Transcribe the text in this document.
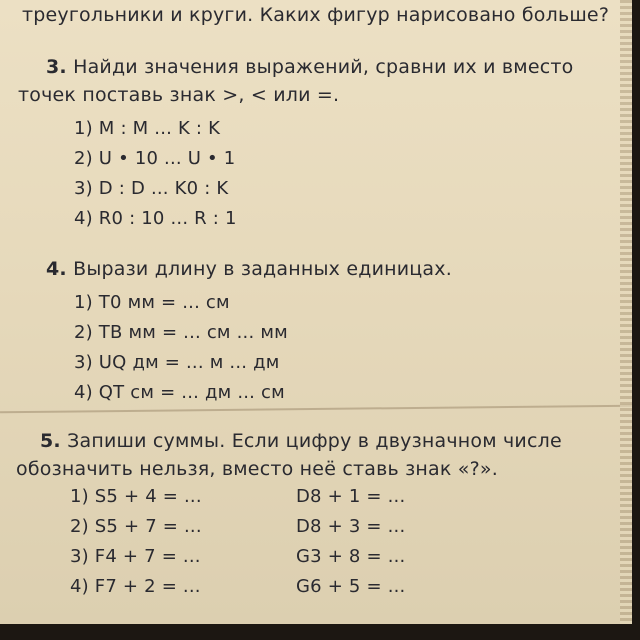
треугольники и круги. Каких фигур нарисовано больше?
3. Найди значения выражений, сравни их и вместо
точек поставь знак >, < или =.
1) M : M ... K : K
2) U • 10 ... U • 1
3) D : D ... K0 : K
4) R0 : 10 ... R : 1
4. Вырази длину в заданных единицах.
1) T0 мм = ... см
2) TB мм = ... см ... мм
3) UQ дм = ... м ... дм
4) QT см = ... дм ... см
5. Запиши суммы. Если цифру в двузначном числе
обозначить нельзя, вместо неё ставь знак «?».
1) S5 + 4 = ...
2) S5 + 7 = ...
3) F4 + 7 = ...
4) F7 + 2 = ...
D8 + 1 = ...
D8 + 3 = ...
G3 + 8 = ...
G6 + 5 = ...
